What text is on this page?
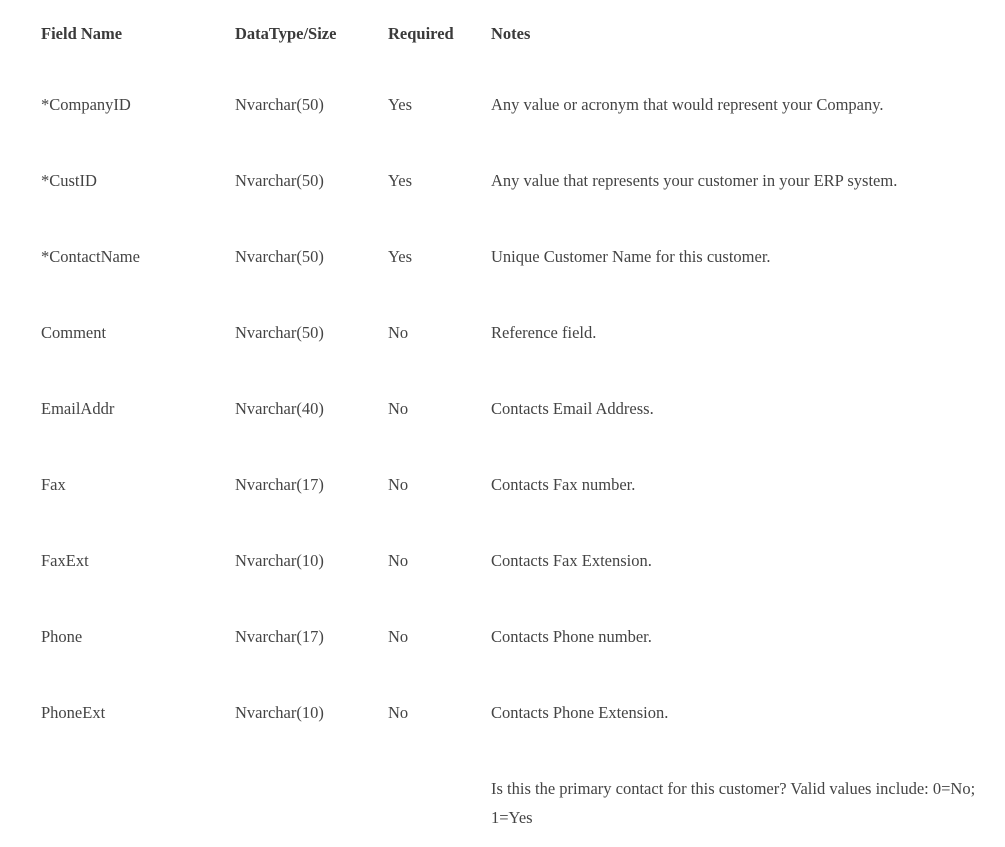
Field Name	DataType/Size	Required	Notes
*CompanyID	Nvarchar(50)	Yes	Any value or acronym that would represent your Company.
*CustID	Nvarchar(50)	Yes	Any value that represents your customer in your ERP system.
*ContactName	Nvarchar(50)	Yes	Unique Customer Name for this customer.
Comment	Nvarchar(50)	No	Reference field.
EmailAddr	Nvarchar(40)	No	Contacts Email Address.
Fax	Nvarchar(17)	No	Contacts Fax number.
FaxExt	Nvarchar(10)	No	Contacts Fax Extension.
Phone	Nvarchar(17)	No	Contacts Phone number.
PhoneExt	Nvarchar(10)	No	Contacts Phone Extension.
			Is this the primary contact for this customer? Valid values include: 0=No; 1=Yes
